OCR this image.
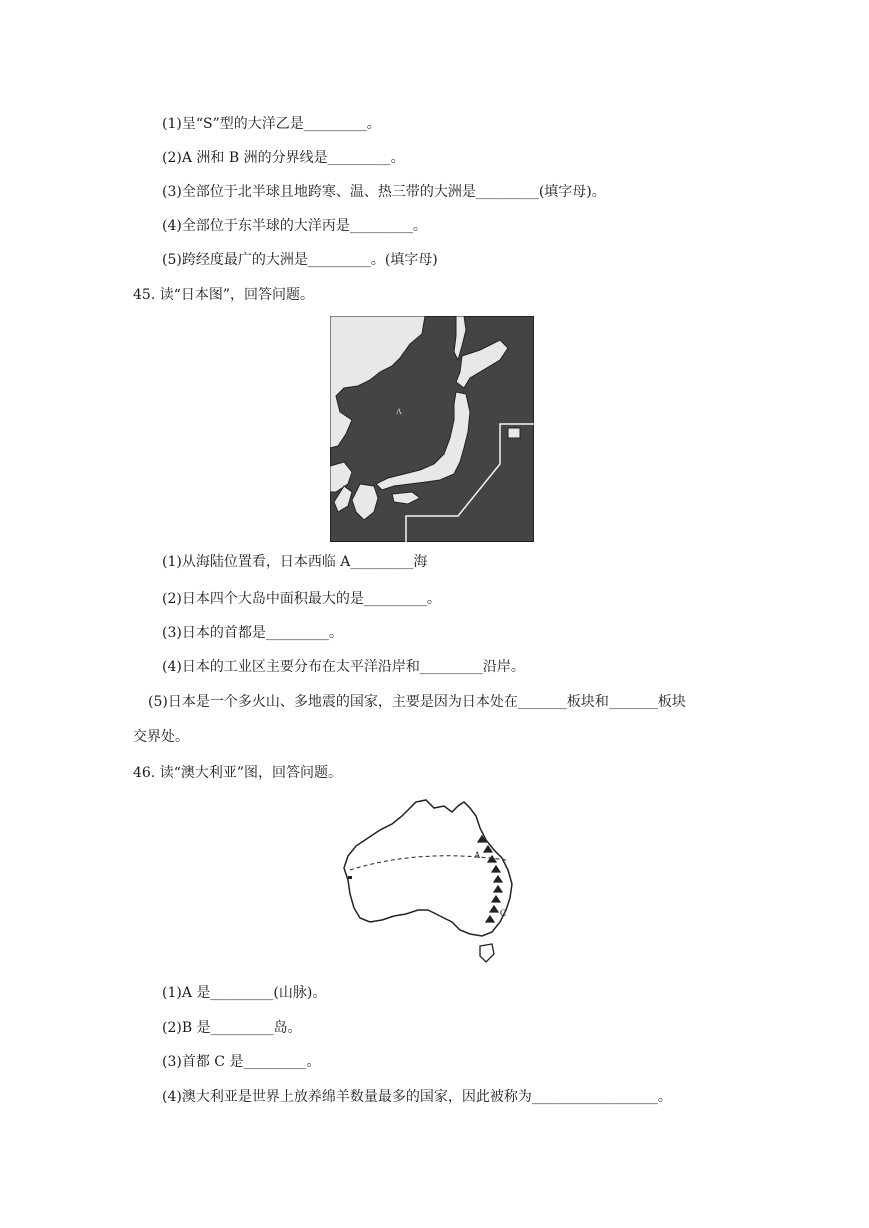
(1)呈“S”型的大洋乙是_________。
(2)A 洲和 B 洲的分界线是_________。
(3)全部位于北半球且地跨寒、温、热三带的大洲是_________(填字母)。
(4)全部位于东半球的大洋丙是_________。
(5)跨经度最广的大洲是_________。(填字母)
45. 读“日本图”，回答问题。
A
(1)从海陆位置看，日本西临 A_________海
(2)日本四个大岛中面积最大的是_________。
(3)日本的首都是_________。
(4)日本的工业区主要分布在太平洋沿岸和_________沿岸。
(5)日本是一个多火山、多地震的国家，主要是因为日本处在_______板块和_______板块
交界处。
46. 读“澳大利亚”图，回答问题。
A
C
(1)A 是_________(山脉)。
(2)B 是_________岛。
(3)首都 C 是_________。
(4)澳大利亚是世界上放养绵羊数量最多的国家，因此被称为__________________。
